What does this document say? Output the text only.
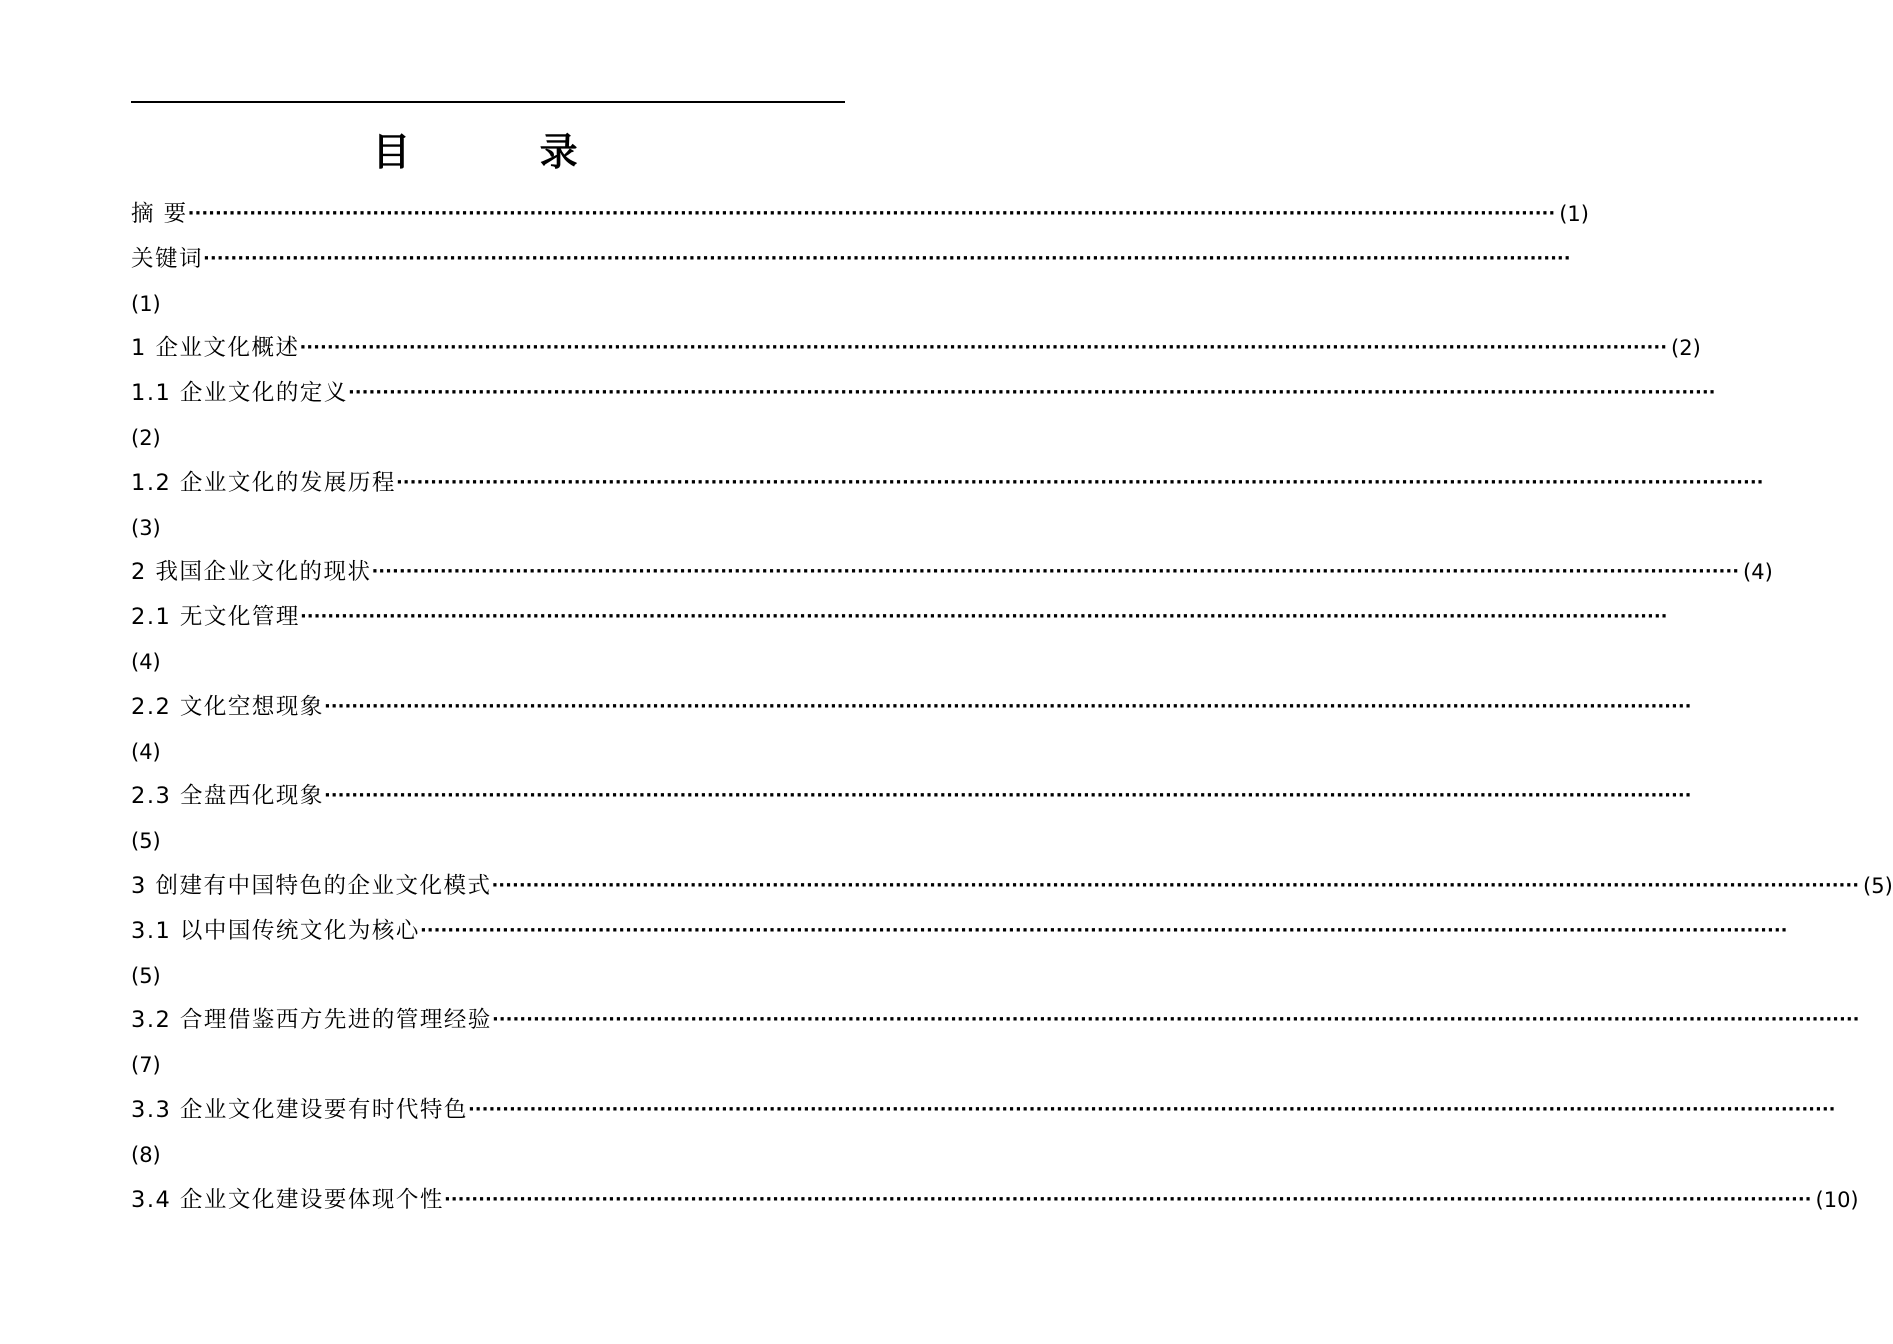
目 录
摘 要 ········································································································································································································ (1)
关键词 ········································································································································································································
(1)
1 企业文化概述 ········································································································································································································ (2)
1.1 企业文化的定义 ········································································································································································································
(2)
1.2 企业文化的发展历程 ········································································································································································································
(3)
2 我国企业文化的现状 ········································································································································································································ (4)
2.1 无文化管理 ········································································································································································································
(4)
2.2 文化空想现象 ········································································································································································································
(4)
2.3 全盘西化现象 ········································································································································································································
(5)
3 创建有中国特色的企业文化模式 ········································································································································································································ (5)
3.1 以中国传统文化为核心 ········································································································································································································
(5)
3.2 合理借鉴西方先进的管理经验 ········································································································································································································
(7)
3.3 企业文化建设要有时代特色 ········································································································································································································
(8)
3.4 企业文化建设要体现个性 ········································································································································································································ (10)
